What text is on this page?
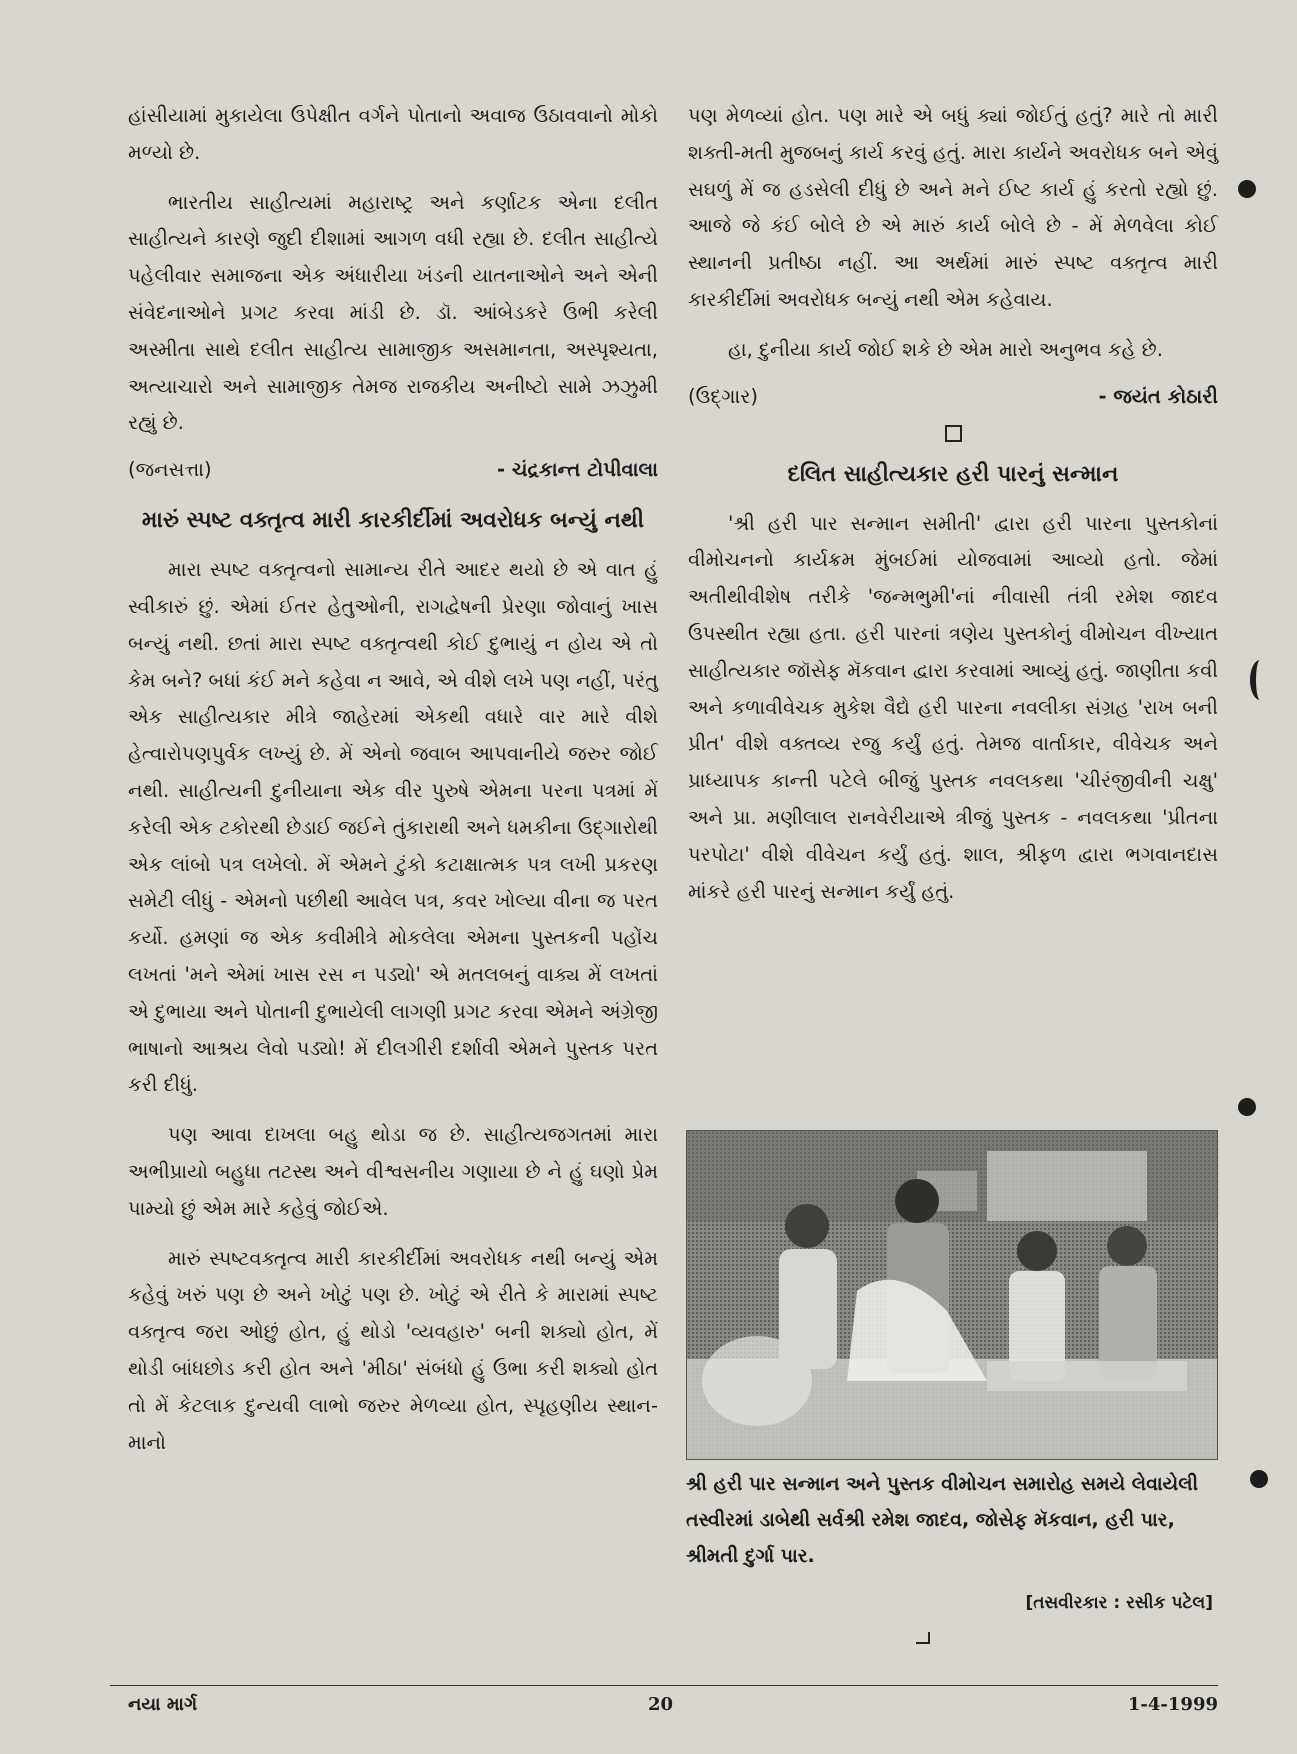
હાંસીયામાં મુકાયેલા ઉપેક્ષીત વર્ગને પોતાનો અવાજ ઉઠાવવાનો મોકો મળ્યો છે.

ભારતીય સાહીત્યમાં મહારાષ્ટ્ર અને કર્ણાટક એના દલીત સાહીત્યને કારણે જુદી દીશામાં આગળ વધી રહ્યા છે. દલીત સાહીત્યે પહેલીવાર સમાજના એક અંધારીયા ખંડની યાતનાઓને અને એની સંવેદનાઓને પ્રગટ કરવા માંડી છે. ડૉ. આંબેડકરે ઉભી કરેલી અસ્મીતા સાથે દલીત સાહીત્ય સામાજીક અસમાનતા, અસ્પૃશ્યતા, અત્યાચારો અને સામાજીક તેમજ રાજકીય અનીષ્ટો સામે ઝઝુમી રહ્યું છે.

(જનસત્તા)	- ચંદ્રકાન્ત ટોપીવાલા
મારું સ્પષ્ટ વક્તૃત્વ મારી કારકીર્દીમાં અવરોધક બન્યું નથી

મારા સ્પષ્ટ વક્તૃત્વનો સામાન્ય રીતે આદર થયો છે એ વાત હું સ્વીકારું છું. એમાં ઈતર હેતુઓની, રાગદ્વેષની પ્રેરણા જોવાનું ખાસ બન્યું નથી. છતાં મારા સ્પષ્ટ વક્તૃત્વથી કોઈ દુભાયું ન હોય એ તો કેમ બને? બધાં કંઈ મને કહેવા ન આવે, એ વીશે લખે પણ નહીં, પરંતુ એક સાહીત્યકાર મીત્રે જાહેરમાં એકથી વધારે વાર મારે વીશે હેત્વારોપણપુર્વક લખ્યું છે. મેં એનો જવાબ આપવાનીયે જરુર જોઈ નથી. સાહીત્યની દુનીયાના એક વીર પુરુષે એમના પરના પત્રમાં મેં કરેલી એક ટકોરથી છેડાઈ જઈને તુંકારાથી અને ધમકીના ઉદ્ગારોથી એક લાંબો પત્ર લખેલો. મેં એમને ટુંકો કટાક્ષાત્મક પત્ર લખી પ્રકરણ સમેટી લીધું - એમનો પછીથી આવેલ પત્ર, કવર ખોલ્યા વીના જ પરત કર્યો. હમણાં જ એક કવીમીત્રે મોકલેલા એમના પુસ્તકની પહોંચ લખતાં 'મને એમાં ખાસ રસ ન પડ્યો' એ મતલબનું વાક્ય મેં લખતાં એ દુભાયા અને પોતાની દુભાયેલી લાગણી પ્રગટ કરવા એમને અંગ્રેજી ભાષાનો આશ્રય લેવો પડ્યો! મેં દીલગીરી દર્શાવી એમને પુસ્તક પરત કરી દીધું.

પણ આવા દાખલા બહુ થોડા જ છે. સાહીત્યજગતમાં મારા અભીપ્રાયો બહુધા તટસ્થ અને વીશ્વસનીય ગણાયા છે ને હું ઘણો પ્રેમ પામ્યો છું એમ મારે કહેવું જોઈએ.

મારું સ્પષ્ટવક્તૃત્વ મારી કારકીર્દીમાં અવરોધક નથી બન્યું એમ કહેવું ખરું પણ છે અને ખોટું પણ છે. ખોટું એ રીતે કે મારામાં સ્પષ્ટ વક્તૃત્વ જરા ઓછું હોત, હું થોડો 'વ્યવહારુ' બની શક્યો હોત, મેં થોડી બાંધછોડ કરી હોત અને 'મીઠા' સંબંધો હું ઉભા કરી શક્યો હોત તો મેં કેટલાક દુન્યવી લાભો જરુર મેળવ્યા હોત, સ્પૃહણીય સ્થાન-માનો

પણ મેળવ્યાં હોત. પણ મારે એ બધું ક્યાં જોઈતું હતું? મારે તો મારી શક્તી-મતી મુજબનું કાર્ય કરવું હતું. મારા કાર્યને અવરોધક બને એવું સઘળું મેં જ હડસેલી દીધું છે અને મને ઈષ્ટ કાર્ય હું કરતો રહ્યો છું. આજે જે કંઈ બોલે છે એ મારું કાર્ય બોલે છે - મેં મેળવેલા કોઈ સ્થાનની પ્રતીષ્ઠા નહીં. આ અર્થમાં મારું સ્પષ્ટ વક્તૃત્વ મારી કારકીર્દીમાં અવરોધક બન્યું નથી એમ કહેવાય.

હા, દુનીયા કાર્ય જોઈ શકે છે એમ મારો અનુભવ કહે છે.

(ઉદ્ગાર)	- જયંત કોઠારી
દલિત સાહીત્યકાર હરી પારનું સન્માન

'શ્રી હરી પાર સન્માન સમીતી' દ્વારા હરી પારના પુસ્તકોનાં વીમોચનનો કાર્યક્રમ મુંબઈમાં યોજવામાં આવ્યો હતો. જેમાં અતીથીવીશેષ તરીકે 'જન્મભુમી'નાં નીવાસી તંત્રી રમેશ જાદવ ઉપસ્થીત રહ્યા હતા. હરી પારનાં ત્રણેય પુસ્તકોનું વીમોચન વીખ્યાત સાહીત્યકાર જૉસેફ મૅકવાન દ્વારા કરવામાં આવ્યું હતું. જાણીતા કવી અને કળાવીવેચક મુકેશ વૈદ્યે હરી પારના નવલીકા સંગ્રહ 'રાખ બની પ્રીત' વીશે વક્તવ્ય રજુ કર્યું હતું. તેમજ વાર્તાકાર, વીવેચક અને પ્રાધ્યાપક કાન્તી પટેલે બીજું પુસ્તક નવલકથા 'ચીરંજીવીની ચક્ષુ' અને પ્રા. મણીલાલ રાનવેરીયાએ ત્રીજું પુસ્તક - નવલકથા 'પ્રીતના પરપોટા' વીશે વીવેચન કર્યું હતું. શાલ, શ્રીફળ દ્વારા ભગવાનદાસ માંકરે હરી પારનું સન્માન કર્યું હતું.

શ્રી હરી પાર સન્માન અને પુસ્તક વીમોચન સમારોહ સમયે લેવાયેલી તસ્વીરમાં ડાબેથી સર્વશ્રી રમેશ જાદવ, જોસેફ મૅકવાન, હરી પાર, શ્રીમતી દુર્ગા પાર.

[તસવીરકાર : રસીક પટેલ]
નયા માર્ગ	20	1-4-1999
